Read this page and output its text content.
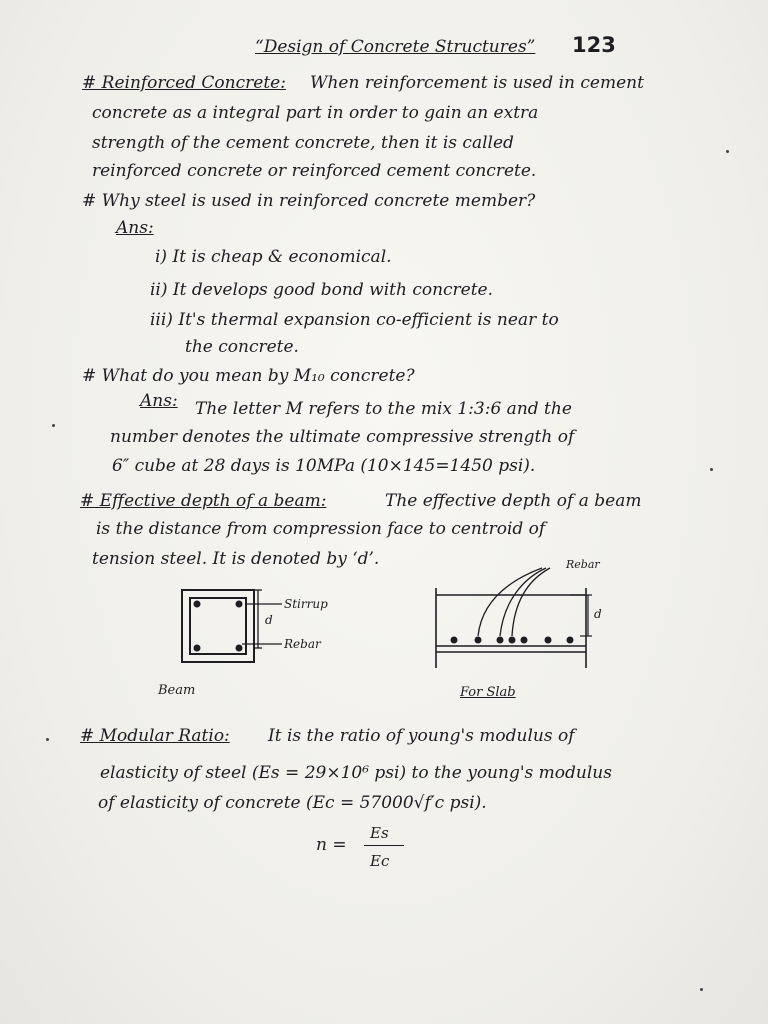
“Design of Concrete Structures” 123
# Reinforced Concrete: When reinforcement is used in cement
concrete as a integral part in order to gain an extra
strength of the cement concrete, then it is called
reinforced concrete or reinforced cement concrete.
# Why steel is used in reinforced concrete member?
Ans:
i) It is cheap & economical.
ii) It develops good bond with concrete.
iii) It's thermal expansion co-efficient is near to
the concrete.
# What do you mean by M₁₀ concrete?
Ans: The letter M refers to the mix 1:3:6 and the
number denotes the ultimate compressive strength of
6″ cube at 28 days is 10MPa (10×145=1450 psi).
# Effective depth of a beam:	The effective depth of a beam
is the distance from compression face to centroid of
tension steel. It is denoted by ‘d’.
Stirrup
Rebar
d
Beam
Rebar
d
For Slab
# Modular Ratio: It is the ratio of young's modulus of
elasticity of steel (Es = 29×10⁶ psi) to the young's modulus
of elasticity of concrete (Ec = 57000√f′c psi).
n =
Es
Ec
